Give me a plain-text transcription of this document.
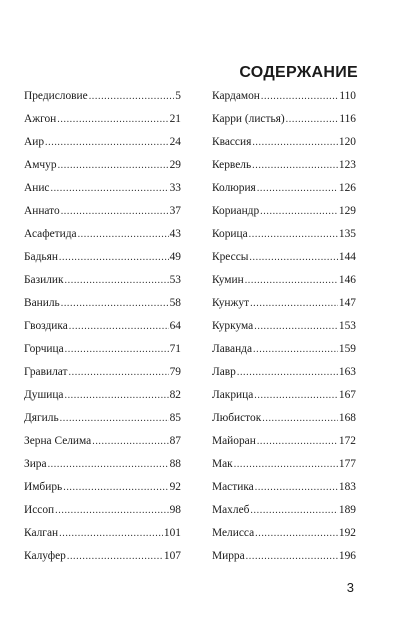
СОДЕРЖАНИЕ
Предисловие .....	5
Ажгон .....	21
Аир .....	24
Амчур .....	29
Анис .....	33
Аннато .....	37
Асафетида .....	43
Бадьян .....	49
Базилик .....	53
Ваниль .....	58
Гвоздика .....	64
Горчица .....	71
Гравилат .....	79
Душица .....	82
Дягиль .....	85
Зерна Селима .....	87
Зира .....	88
Имбирь .....	92
Иссоп .....	98
Калган .....	101
Калуфер .....	107
Кардамон .....	110
Карри (листья) .....	116
Квассия .....	120
Кервель .....	123
Колюрия .....	126
Кориандр .....	129
Корица .....	135
Крессы .....	144
Кумин .....	146
Кунжут .....	147
Куркума .....	153
Лаванда .....	159
Лавр .....	163
Лакрица .....	167
Любисток .....	168
Майоран .....	172
Мак .....	177
Мастика .....	183
Махлеб .....	189
Мелисса .....	192
Мирра .....	196
3
